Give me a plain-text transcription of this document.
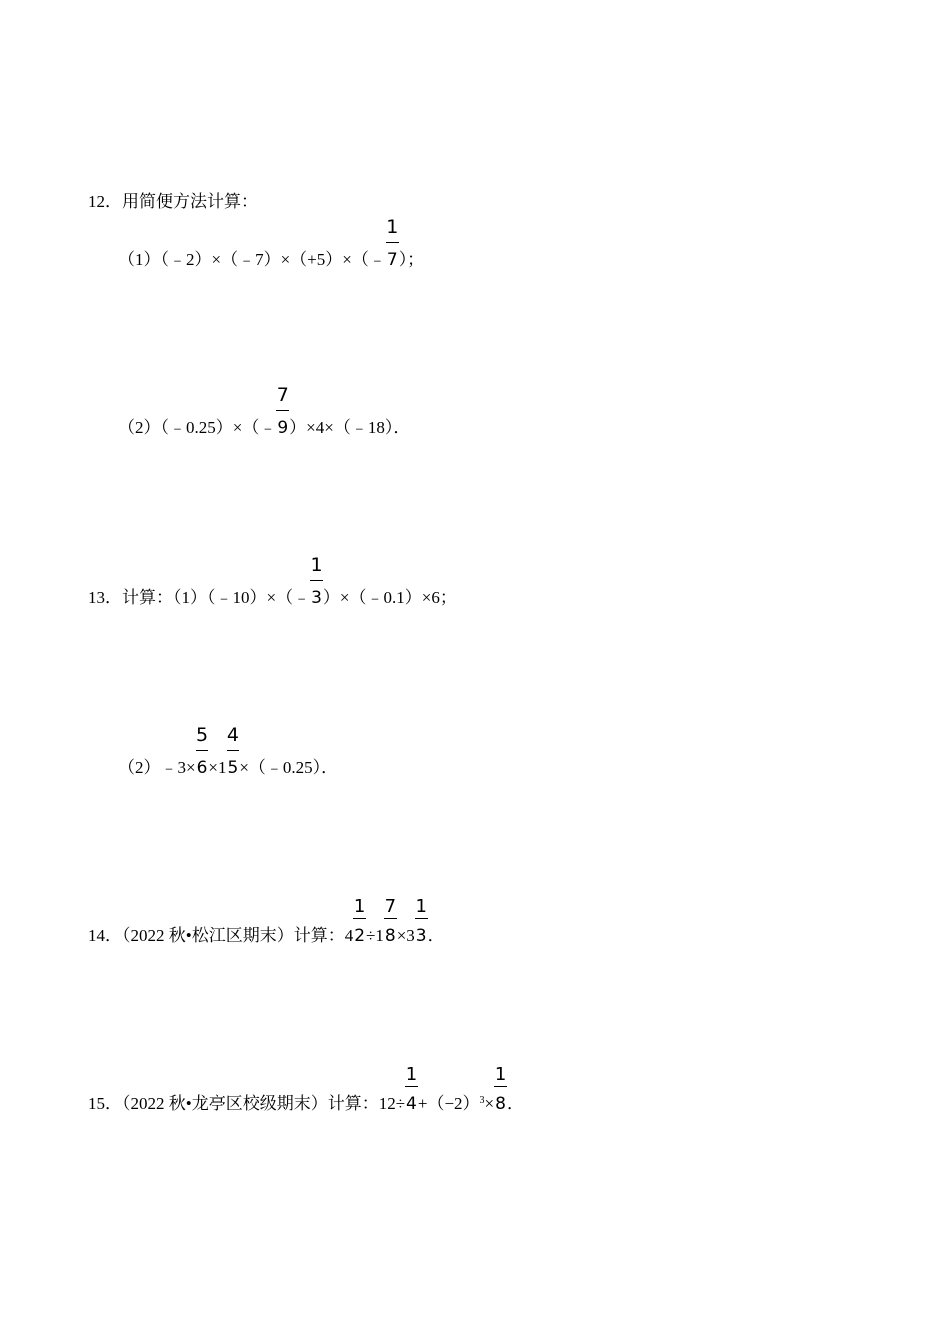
12．用简便方法计算：
（1）（﹣2）×（﹣7）×（+5）×（﹣ $\frac{1}{7}$）；
（2）（﹣0.25）×（﹣ $\frac{7}{9})\times 4\times(﹣18)$．
13．计算：（1）（﹣10）×（﹣ $\frac{1}{3})\times(﹣0.1)\times 6$；
（2）﹣3× $\frac{5}{6}\times 1$ $\frac{4}{5}\times(﹣0.25)$．
14．（2022 秋•松江区期末）计算：$4 \frac{1}{2}\div 1 \frac{7}{8}\times 3 \frac{1}{3}$．
15．（2022 秋•龙亭区校级期末）计算：$12\div \frac{1}{4}+(-2)^3\times \frac{1}{8}$．
